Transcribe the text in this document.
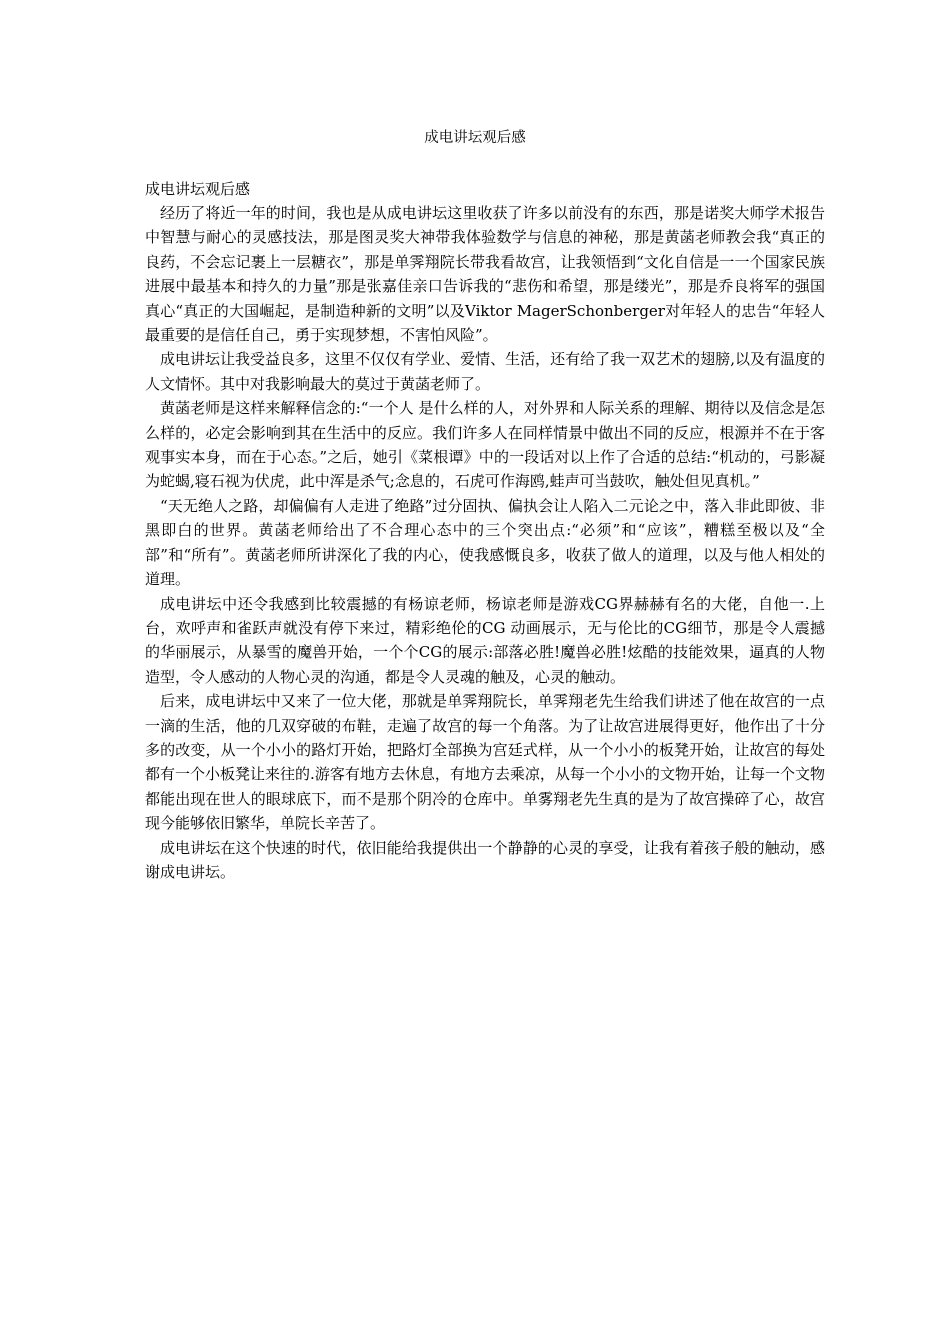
成电讲坛观后感

成电讲坛观后感

经历了将近一年的时间，我也是从成电讲坛这里收获了许多以前没有的东西，那是诺奖大师学术报告中智慧与耐心的灵感技法，那是图灵奖大神带我体验数学与信息的神秘，那是黄菡老师教会我“真正的良药，不会忘记裹上一层糖衣”，那是单霁翔院长带我看故宫，让我领悟到“文化自信是一一个国家民族进展中最基本和持久的力量”那是张嘉佳亲口告诉我的“悲伤和希望，那是缕光”，那是乔良将军的强国真心“真正的大国崛起，是制造种新的文明”以及Viktor MagerSchonberger对年轻人的忠告“年轻人最重要的是信任自己，勇于实现梦想，不害怕风险”。

成电讲坛让我受益良多，这里不仅仅有学业、爱情、生活，还有给了我一双艺术的翅膀,以及有温度的人文情怀。其中对我影响最大的莫过于黄菡老师了。

黄菡老师是这样来解释信念的:“一个人 是什么样的人，对外界和人际关系的理解、期待以及信念是怎么样的，必定会影响到其在生活中的反应。我们许多人在同样情景中做出不同的反应，根源并不在于客观事实本身，而在于心态。”之后，她引《菜根谭》中的一段话对以上作了合适的总结:“机动的，弓影凝为蛇蝎,寝石视为伏虎，此中浑是杀气;念息的，石虎可作海鸥,蛙声可当鼓吹，触处但见真机。”

“天无绝人之路，却偏偏有人走进了绝路”过分固执、偏执会让人陷入二元论之中，落入非此即彼、非黑即白的世界。黄菡老师给出了不合理心态中的三个突出点:“必须”和“应该”，糟糕至极以及“全部”和“所有”。黄菡老师所讲深化了我的内心，使我感慨良多，收获了做人的道理，以及与他人相处的道理。

成电讲坛中还令我感到比较震撼的有杨谅老师，杨谅老师是游戏CG界赫赫有名的大佬，自他一.上台，欢呼声和雀跃声就没有停下来过，精彩绝伦的CG 动画展示，无与伦比的CG细节，那是令人震撼的华丽展示，从暴雪的魔兽开始，一个个CG的展示:部落必胜!魔兽必胜!炫酷的技能效果，逼真的人物造型，令人感动的人物心灵的沟通，都是令人灵魂的触及，心灵的触动。

后来，成电讲坛中又来了一位大佬，那就是单霁翔院长，单霁翔老先生给我们讲述了他在故宫的一点一滴的生活，他的几双穿破的布鞋，走遍了故宫的每一个角落。为了让故宫进展得更好，他作出了十分多的改变，从一个小小的路灯开始，把路灯全部换为宫廷式样，从一个小小的板凳开始，让故宫的每处都有一个小板凳让来往的.游客有地方去休息，有地方去乘凉，从每一个小小的文物开始，让每一个文物都能出现在世人的眼球底下，而不是那个阴冷的仓库中。单雾翔老先生真的是为了故宫操碎了心，故宫现今能够依旧繁华，单院长辛苦了。

成电讲坛在这个快速的时代，依旧能给我提供出一个静静的心灵的享受，让我有着孩子般的触动，感谢成电讲坛。
